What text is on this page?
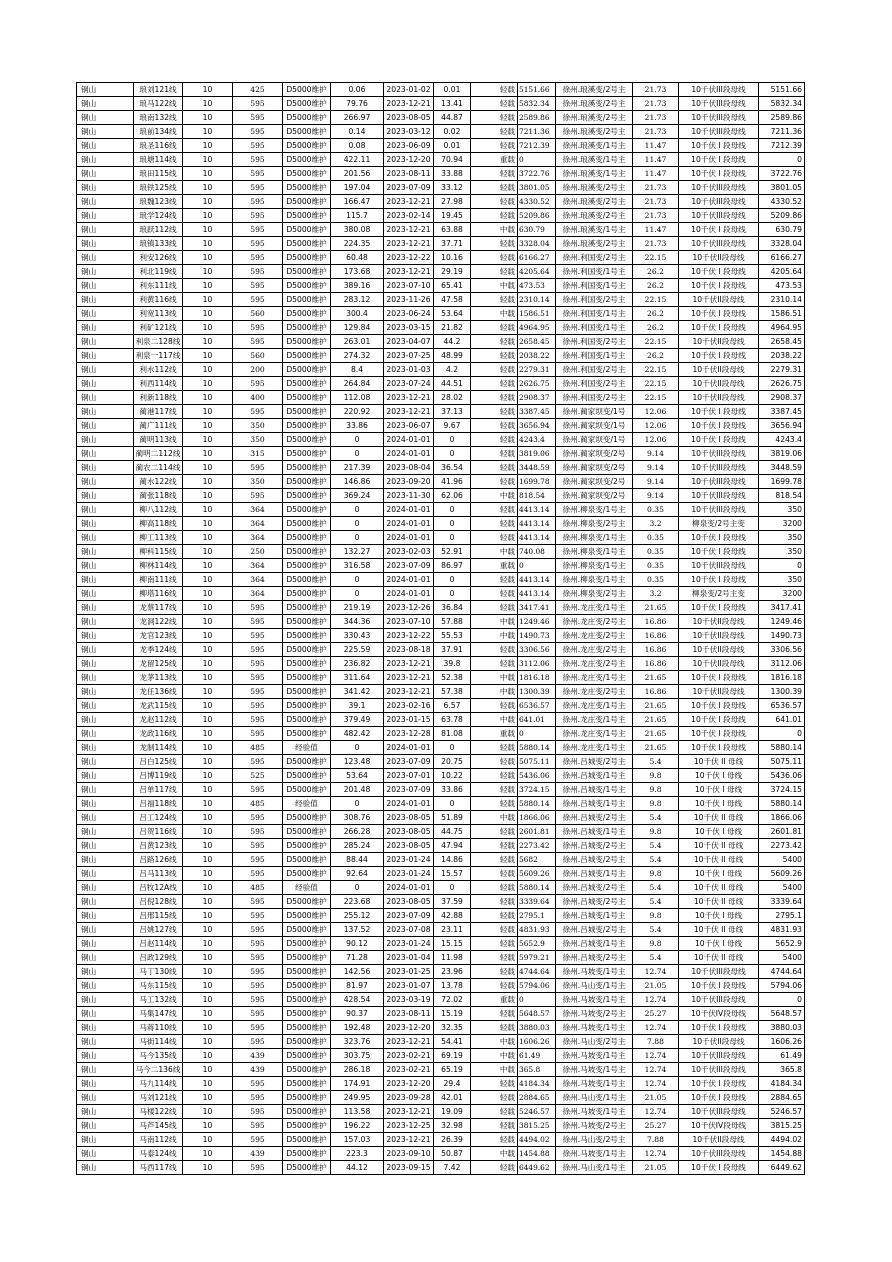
铜山	琅刘121线	10	425	D5000维护	0.06	2023-01-02	0.01	轻载	5151.66	徐州.琅溪变/2号主	21.73	10千伏III段母线	5151.66
铜山	琅马122线	10	595	D5000维护	79.76	2023-12-21	13.41	轻载	5832.34	徐州.琅溪变/2号主	21.73	10千伏III段母线	5832.34
铜山	琅南132线	10	595	D5000维护	266.97	2023-08-05	44.87	轻载	2589.86	徐州.琅溪变/2号主	21.73	10千伏III段母线	2589.86
铜山	琅前134线	10	595	D5000维护	0.14	2023-03-12	0.02	轻载	7211.36	徐州.琅溪变/2号主	21.73	10千伏III段母线	7211.36
铜山	琅圣116线	10	595	D5000维护	0.08	2023-06-09	0.01	轻载	7212.39	徐州.琅溪变/1号主	11.47	10千伏 I 段母线	7212.39
铜山	琅塘114线	10	595	D5000维护	422.11	2023-12-20	70.94	重载	0	徐州.琅溪变/1号主	11.47	10千伏 I 段母线	0
铜山	琅田115线	10	595	D5000维护	201.56	2023-08-11	33.88	轻载	3722.76	徐州.琅溪变/1号主	11.47	10千伏 I 段母线	3722.76
铜山	琅铁125线	10	595	D5000维护	197.04	2023-07-09	33.12	轻载	3801.05	徐州.琅溪变/2号主	21.73	10千伏III段母线	3801.05
铜山	琅魏123线	10	595	D5000维护	166.47	2023-12-21	27.98	轻载	4330.52	徐州.琅溪变/2号主	21.73	10千伏III段母线	4330.52
铜山	琅学124线	10	595	D5000维护	115.7	2023-02-14	19.45	轻载	5209.86	徐州.琅溪变/2号主	21.73	10千伏III段母线	5209.86
铜山	琅跃112线	10	595	D5000维护	380.08	2023-12-21	63.88	中载	630.79	徐州.琅溪变/1号主	11.47	10千伏 I 段母线	630.79
铜山	琅镇133线	10	595	D5000维护	224.35	2023-12-21	37.71	轻载	3328.04	徐州.琅溪变/2号主	21.73	10千伏III段母线	3328.04
铜山	利安126线	10	595	D5000维护	60.48	2023-12-22	10.16	轻载	6166.27	徐州.利国变/2号主	22.15	10千伏II段母线	6166.27
铜山	利北119线	10	595	D5000维护	173.68	2023-12-21	29.19	轻载	4205.64	徐州.利国变/1号主	26.2	10千伏 I 段母线	4205.64
铜山	利东111线	10	595	D5000维护	389.16	2023-07-10	65.41	中载	473.53	徐州.利国变/1号主	26.2	10千伏 I 段母线	473.53
铜山	利黄116线	10	595	D5000维护	283.12	2023-11-26	47.58	轻载	2310.14	徐州.利国变/2号主	22.15	10千伏II段母线	2310.14
铜山	利宽113线	10	560	D5000维护	300.4	2023-06-24	53.64	中载	1586.51	徐州.利国变/1号主	26.2	10千伏 I 段母线	1586.51
铜山	利矿121线	10	595	D5000维护	129.84	2023-03-15	21.82	轻载	4964.95	徐州.利国变/1号主	26.2	10千伏 I 段母线	4964.95
铜山	利泉二128线	10	595	D5000维护	263.01	2023-04-07	44.2	轻载	2658.45	徐州.利国变/2号主	22.15	10千伏II段母线	2658.45
铜山	利泉一117线	10	560	D5000维护	274.32	2023-07-25	48.99	轻载	2038.22	徐州.利国变/1号主	26.2	10千伏 I 段母线	2038.22
铜山	利水112线	10	200	D5000维护	8.4	2023-01-03	4.2	轻载	2279.31	徐州.利国变/2号主	22.15	10千伏II段母线	2279.31
铜山	利西114线	10	595	D5000维护	264.84	2023-07-24	44.51	轻载	2626.75	徐州.利国变/2号主	22.15	10千伏II段母线	2626.75
铜山	利新118线	10	400	D5000维护	112.08	2023-12-21	28.02	轻载	2908.37	徐州.利国变/2号主	22.15	10千伏II段母线	2908.37
铜山	蔺港117线	10	595	D5000维护	220.92	2023-12-21	37.13	轻载	3387.45	徐州.蔺家坝变/1号	12.06	10千伏 I 段母线	3387.45
铜山	蔺广111线	10	350	D5000维护	33.86	2023-06-07	9.67	轻载	3656.94	徐州.蔺家坝变/1号	12.06	10千伏 I 段母线	3656.94
铜山	蔺明113线	10	350	D5000维护	0	2024-01-01	0	轻载	4243.4	徐州.蔺家坝变/1号	12.06	10千伏 I 段母线	4243.4
铜山	蔺明二112线	10	315	D5000维护	0	2024-01-01	0	轻载	3819.06	徐州.蔺家坝变/2号	9.14	10千伏III段母线	3819.06
铜山	蔺农二114线	10	595	D5000维护	217.39	2023-08-04	36.54	轻载	3448.59	徐州.蔺家坝变/2号	9.14	10千伏III段母线	3448.59
铜山	蔺水122线	10	350	D5000维护	146.86	2023-09-20	41.96	轻载	1699.78	徐州.蔺家坝变/2号	9.14	10千伏III段母线	1699.78
铜山	蔺张118线	10	595	D5000维护	369.24	2023-11-30	62.06	中载	818.54	徐州.蔺家坝变/2号	9.14	10千伏III段母线	818.54
铜山	柳八112线	10	364	D5000维护	0	2024-01-01	0	轻载	4413.14	徐州.柳泉变/1号主	0.35	10千伏III段母线	350
铜山	柳高118线	10	364	D5000维护	0	2024-01-01	0	轻载	4413.14	徐州.柳泉变/2号主	3.2	柳泉变/2号主变	3200
铜山	柳工113线	10	364	D5000维护	0	2024-01-01	0	轻载	4413.14	徐州.柳泉变/1号主	0.35	10千伏 I 段母线	350
铜山	柳科115线	10	250	D5000维护	132.27	2023-02-03	52.91	中载	740.08	徐州.柳泉变/1号主	0.35	10千伏 I 段母线	350
铜山	柳林114线	10	364	D5000维护	316.58	2023-07-09	86.97	重载	0	徐州.柳泉变/1号主	0.35	10千伏III段母线	0
铜山	柳南111线	10	364	D5000维护	0	2024-01-01	0	轻载	4413.14	徐州.柳泉变/1号主	0.35	10千伏 I 段母线	350
铜山	柳塔116线	10	364	D5000维护	0	2024-01-01	0	轻载	4413.14	徐州.柳泉变/2号主	3.2	柳泉变/2号主变	3200
铜山	龙蔡117线	10	595	D5000维护	219.19	2023-12-26	36.84	轻载	3417.41	徐州.龙庄变/1号主	21.65	10千伏 I 段母线	3417.41
铜山	龙洞122线	10	595	D5000维护	344.36	2023-07-10	57.88	中载	1249.46	徐州.龙庄变/2号主	16.86	10千伏II段母线	1249.46
铜山	龙官123线	10	595	D5000维护	330.43	2023-12-22	55.53	中载	1490.73	徐州.龙庄变/2号主	16.86	10千伏II段母线	1490.73
铜山	龙季124线	10	595	D5000维护	225.59	2023-08-18	37.91	轻载	3306.56	徐州.龙庄变/2号主	16.86	10千伏II段母线	3306.56
铜山	龙留125线	10	595	D5000维护	236.82	2023-12-21	39.8	轻载	3112.06	徐州.龙庄变/2号主	16.86	10千伏II段母线	3112.06
铜山	龙茅113线	10	595	D5000维护	311.64	2023-12-21	52.38	中载	1816.18	徐州.龙庄变/1号主	21.65	10千伏 I 段母线	1816.18
铜山	龙任136线	10	595	D5000维护	341.42	2023-12-21	57.38	中载	1300.39	徐州.龙庄变/2号主	16.86	10千伏II段母线	1300.39
铜山	龙武115线	10	595	D5000维护	39.1	2023-02-16	6.57	轻载	6536.57	徐州.龙庄变/1号主	21.65	10千伏 I 段母线	6536.57
铜山	龙赵112线	10	595	D5000维护	379.49	2023-01-15	63.78	中载	641.01	徐州.龙庄变/1号主	21.65	10千伏 I 段母线	641.01
铜山	龙政116线	10	595	D5000维护	482.42	2023-12-28	81.08	重载	0	徐州.龙庄变/1号主	21.65	10千伏 I 段母线	0
铜山	龙制114线	10	485	经验值	0	2024-01-01	0	轻载	5880.14	徐州.龙庄变/1号主	21.65	10千伏 I 段母线	5880.14
铜山	吕白125线	10	595	D5000维护	123.48	2023-07-09	20.75	轻载	5075.11	徐州.吕城变/2号主	5.4	10千伏 II 母线	5075.11
铜山	吕博119线	10	525	D5000维护	53.64	2023-07-01	10.22	轻载	5436.06	徐州.吕城变/1号主	9.8	10千伏 I 母线	5436.06
铜山	吕单117线	10	595	D5000维护	201.48	2023-07-09	33.86	轻载	3724.15	徐州.吕城变/1号主	9.8	10千伏 I 母线	3724.15
铜山	吕福118线	10	485	经验值	0	2024-01-01	0	轻载	5880.14	徐州.吕城变/1号主	9.8	10千伏 I 母线	5880.14
铜山	吕工124线	10	595	D5000维护	308.76	2023-08-05	51.89	中载	1866.06	徐州.吕城变/2号主	5.4	10千伏 II 母线	1866.06
铜山	吕贺116线	10	595	D5000维护	266.28	2023-08-05	44.75	轻载	2601.81	徐州.吕城变/1号主	9.8	10千伏 I 母线	2601.81
铜山	吕黄123线	10	595	D5000维护	285.24	2023-08-05	47.94	轻载	2273.42	徐州.吕城变/2号主	5.4	10千伏 II 母线	2273.42
铜山	吕路126线	10	595	D5000维护	88.44	2023-01-24	14.86	轻载	5682	徐州.吕城变/2号主	5.4	10千伏 II 母线	5400
铜山	吕马113线	10	595	D5000维护	92.64	2023-01-24	15.57	轻载	5609.26	徐州.吕城变/1号主	9.8	10千伏 I 母线	5609.26
铜山	吕牧12A线	10	485	经验值	0	2024-01-01	0	轻载	5880.14	徐州.吕城变/2号主	5.4	10千伏 II 母线	5400
铜山	吕倪128线	10	595	D5000维护	223.68	2023-08-05	37.59	轻载	3339.64	徐州.吕城变/2号主	5.4	10千伏 II 母线	3339.64
铜山	吕邢115线	10	595	D5000维护	255.12	2023-07-09	42.88	轻载	2795.1	徐州.吕城变/1号主	9.8	10千伏 I 母线	2795.1
铜山	吕姚127线	10	595	D5000维护	137.52	2023-07-08	23.11	轻载	4831.93	徐州.吕城变/2号主	5.4	10千伏 II 母线	4831.93
铜山	吕赵114线	10	595	D5000维护	90.12	2023-01-24	15.15	轻载	5652.9	徐州.吕城变/1号主	9.8	10千伏 I 母线	5652.9
铜山	吕政129线	10	595	D5000维护	71.28	2023-01-04	11.98	轻载	5979.21	徐州.吕城变/2号主	5.4	10千伏 II 母线	5400
铜山	马丁130线	10	595	D5000维护	142.56	2023-01-25	23.96	轻载	4744.64	徐州.马坡变/1号主	12.74	10千伏III段母线	4744.64
铜山	马东115线	10	595	D5000维护	81.97	2023-01-07	13.78	轻载	5794.06	徐州.马山变/1号主	21.05	10千伏 I 段母线	5794.06
铜山	马工132线	10	595	D5000维护	428.54	2023-03-19	72.02	重载	0	徐州.马坡变/1号主	12.74	10千伏III段母线	0
铜山	马集147线	10	595	D5000维护	90.37	2023-08-11	15.19	轻载	5648.57	徐州.马坡变/2号主	25.27	10千伏IV段母线	5648.57
铜山	马蒋110线	10	595	D5000维护	192.48	2023-12-20	32.35	轻载	3880.03	徐州.马坡变/1号主	12.74	10千伏 I 段母线	3880.03
铜山	马街114线	10	595	D5000维护	323.76	2023-12-21	54.41	中载	1606.26	徐州.马山变/2号主	7.88	10千伏II段母线	1606.26
铜山	马今135线	10	439	D5000维护	303.75	2023-02-21	69.19	中载	61.49	徐州.马坡变/1号主	12.74	10千伏III段母线	61.49
铜山	马今二136线	10	439	D5000维护	286.18	2023-02-21	65.19	中载	365.8	徐州.马坡变/1号主	12.74	10千伏III段母线	365.8
铜山	马九114线	10	595	D5000维护	174.91	2023-12-20	29.4	轻载	4184.34	徐州.马坡变/1号主	12.74	10千伏 I 段母线	4184.34
铜山	马刘121线	10	595	D5000维护	249.95	2023-09-28	42.01	轻载	2884.65	徐州.马山变/1号主	21.05	10千伏 I 段母线	2884.65
铜山	马楼122线	10	595	D5000维护	113.58	2023-12-21	19.09	轻载	5246.57	徐州.马坡变/1号主	12.74	10千伏III段母线	5246.57
铜山	马芦145线	10	595	D5000维护	196.22	2023-12-25	32.98	轻载	3815.25	徐州.马坡变/2号主	25.27	10千伏IV段母线	3815.25
铜山	马南112线	10	595	D5000维护	157.03	2023-12-21	26.39	轻载	4494.02	徐州.马山变/2号主	7.88	10千伏II段母线	4494.02
铜山	马泰124线	10	439	D5000维护	223.3	2023-09-10	50.87	中载	1454.88	徐州.马坡变/1号主	12.74	10千伏III段母线	1454.88
铜山	马西117线	10	595	D5000维护	44.12	2023-09-15	7.42	轻载	6449.62	徐州.马山变/1号主	21.05	10千伏 I 段母线	6449.62
